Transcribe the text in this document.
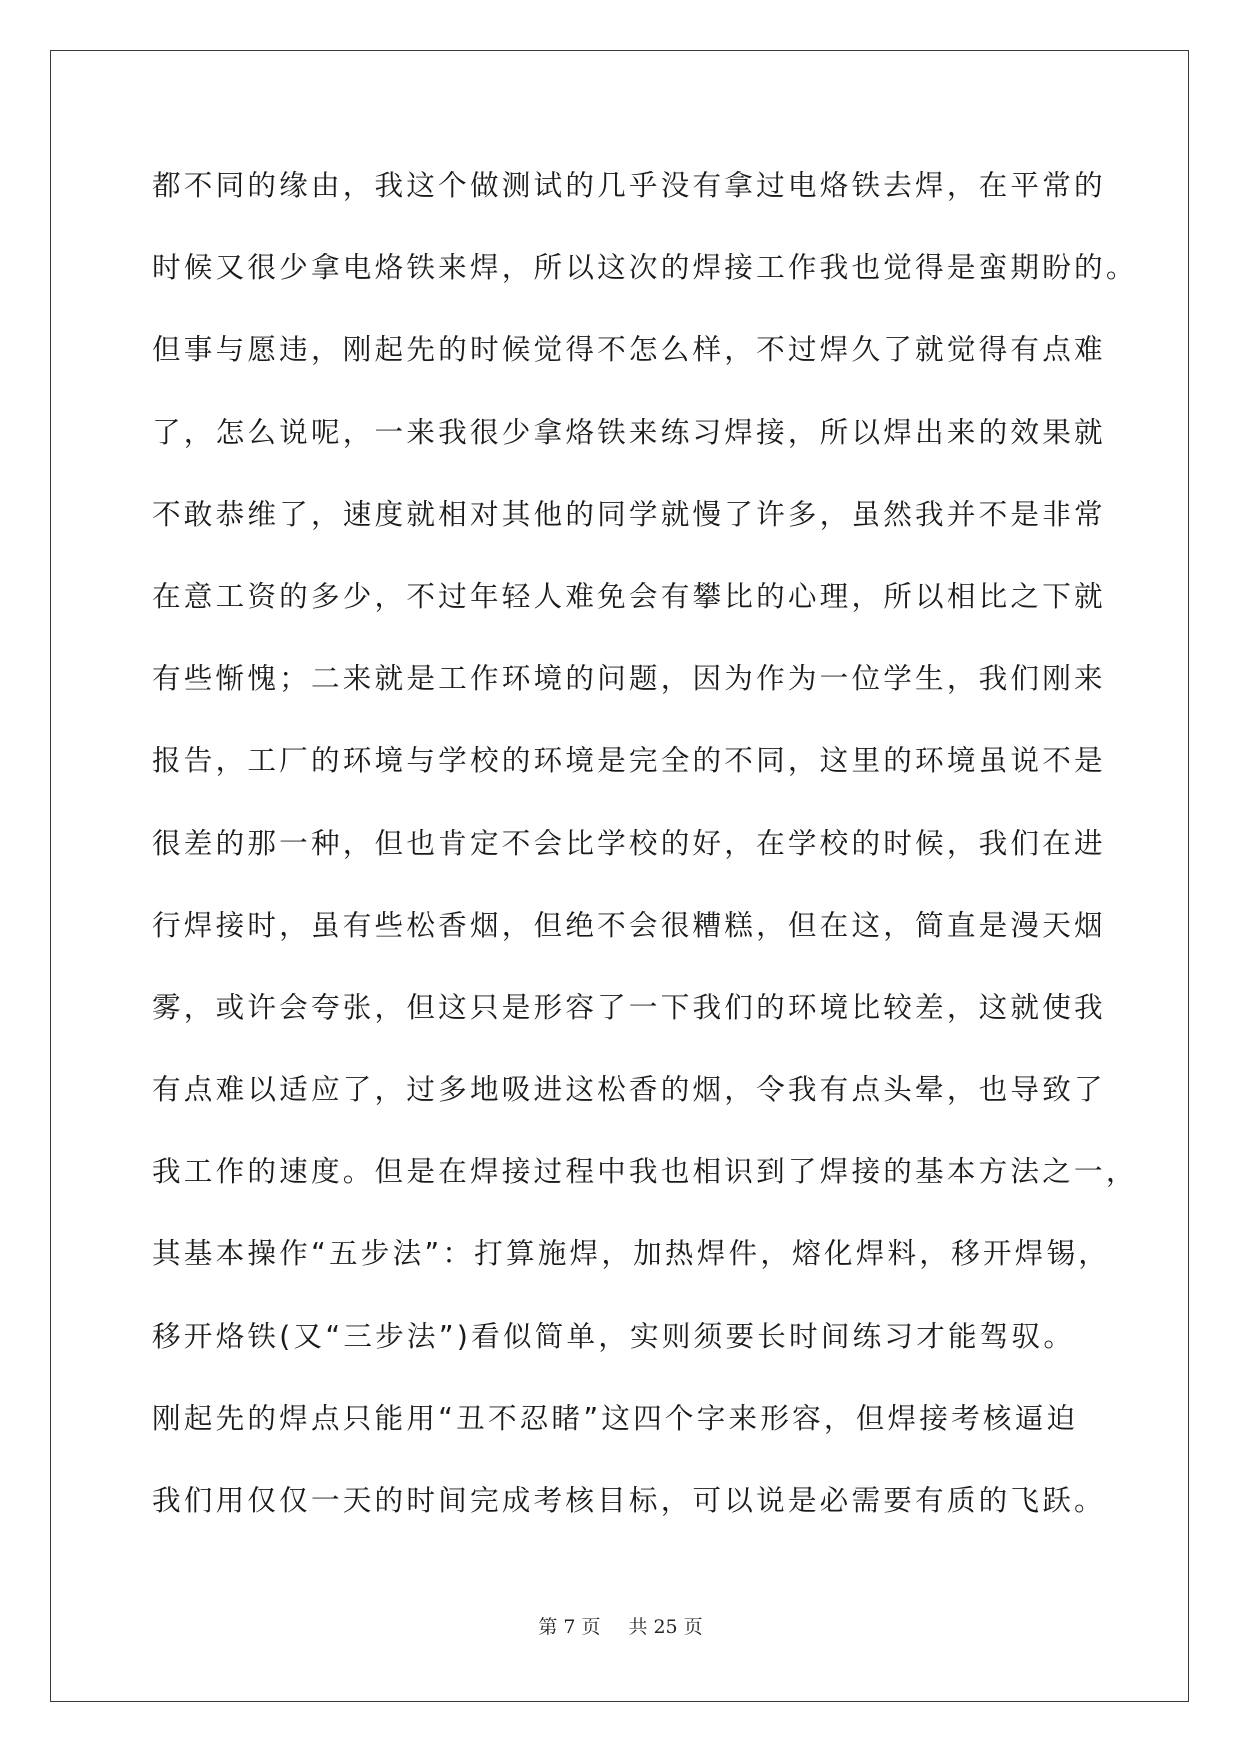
都不同的缘由，我这个做测试的几乎没有拿过电烙铁去焊，在平常的
时候又很少拿电烙铁来焊，所以这次的焊接工作我也觉得是蛮期盼的。
但事与愿违，刚起先的时候觉得不怎么样，不过焊久了就觉得有点难
了，怎么说呢，一来我很少拿烙铁来练习焊接，所以焊出来的效果就
不敢恭维了，速度就相对其他的同学就慢了许多，虽然我并不是非常
在意工资的多少，不过年轻人难免会有攀比的心理，所以相比之下就
有些惭愧；二来就是工作环境的问题，因为作为一位学生，我们刚来
报告，工厂的环境与学校的环境是完全的不同，这里的环境虽说不是
很差的那一种，但也肯定不会比学校的好，在学校的时候，我们在进
行焊接时，虽有些松香烟，但绝不会很糟糕，但在这，简直是漫天烟
雾，或许会夸张，但这只是形容了一下我们的环境比较差，这就使我
有点难以适应了，过多地吸进这松香的烟，令我有点头晕，也导致了
我工作的速度。但是在焊接过程中我也相识到了焊接的基本方法之一，
其基本操作“五步法”：打算施焊，加热焊件，熔化焊料，移开焊锡，
移开烙铁(又“三步法”)看似简单，实则须要长时间练习才能驾驭。
刚起先的焊点只能用“丑不忍睹”这四个字来形容，但焊接考核逼迫
我们用仅仅一天的时间完成考核目标，可以说是必需要有质的飞跃。
第 7 页 共 25 页
